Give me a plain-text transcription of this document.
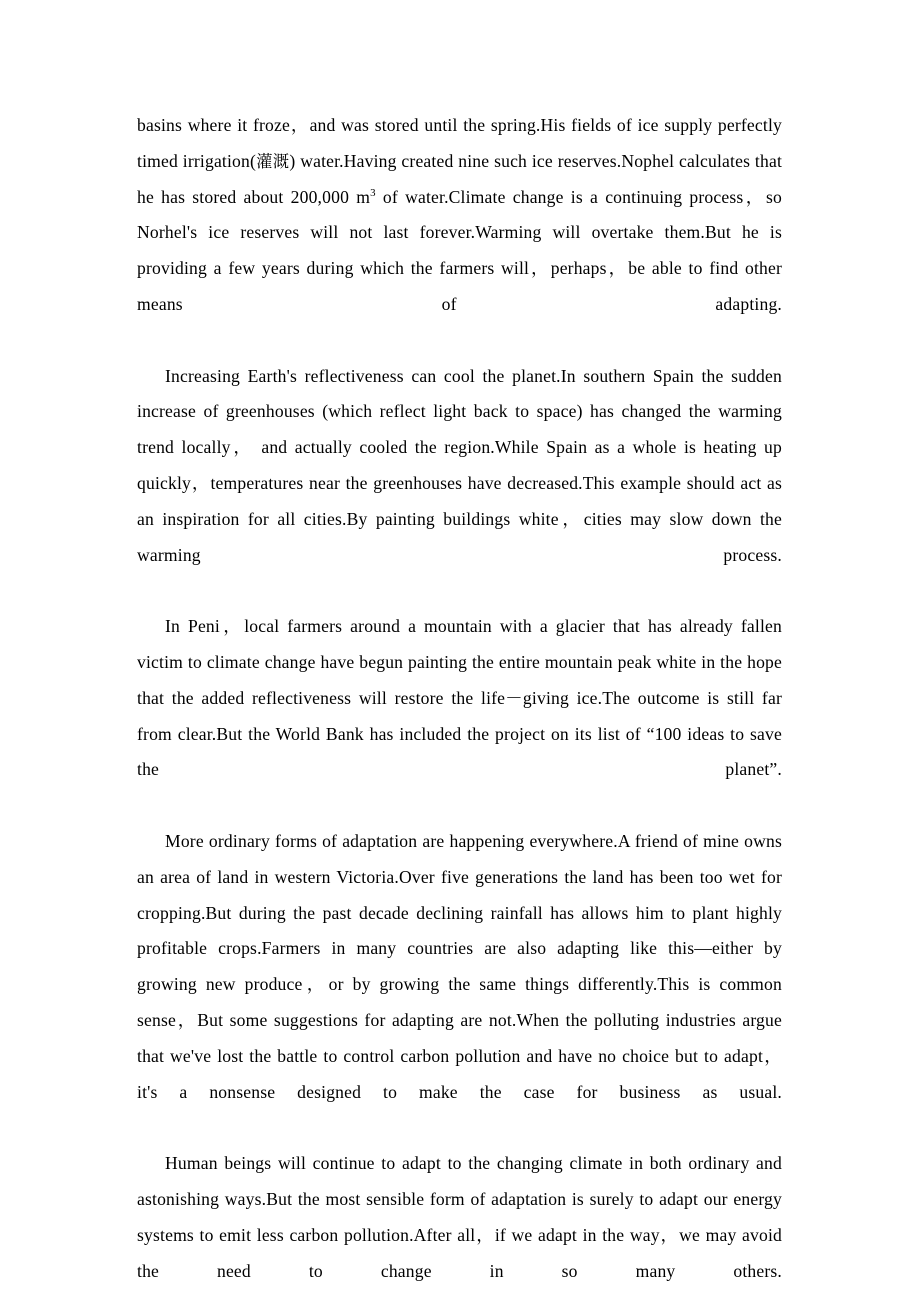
basins where it froze，and was stored until the spring.His fields of ice supply perfectly timed irrigation(灌溉) water.Having created nine such ice reserves.Nophel calculates that he has stored about 200,000 $m^3$ of water.Climate change is a continuing process，so Norhel's ice reserves will not last forever.Warming will overtake them.But he is providing a few years during which the farmers will，perhaps，be able to find other means of adapting.

Increasing Earth's reflectiveness can cool the planet.In southern Spain the sudden increase of greenhouses (which reflect light back to space) has changed the warming trend locally， and actually cooled the region.While Spain as a whole is heating up quickly，temperatures near the greenhouses have decreased.This example should act as an inspiration for all cities.By painting buildings white，cities may slow down the warming process.

In Peni，local farmers around a mountain with a glacier that has already fallen victim to climate change have begun painting the entire mountain peak white in the hope that the added reflectiveness will restore the life－giving ice.The outcome is still far from clear.But the World Bank has included the project on its list of “100 ideas to save the planet”.

More ordinary forms of adaptation are happening everywhere.A friend of mine owns an area of land in western Victoria.Over five generations the land has been too wet for cropping.But during the past decade declining rainfall has allows him to plant highly profitable crops.Farmers in many countries are also adapting like this—either by growing new produce，or by growing the same things differently.This is common sense，But some suggestions for adapting are not.When the polluting industries argue that we've lost the battle to control carbon pollution and have no choice but to adapt，it's a nonsense designed to make the case for business as usual.

Human beings will continue to adapt to the changing climate in both ordinary and astonishing ways.But the most sensible form of adaptation is surely to adapt our energy systems to emit less carbon pollution.After all，if we adapt in the way，we may avoid the need to change in so many others.
